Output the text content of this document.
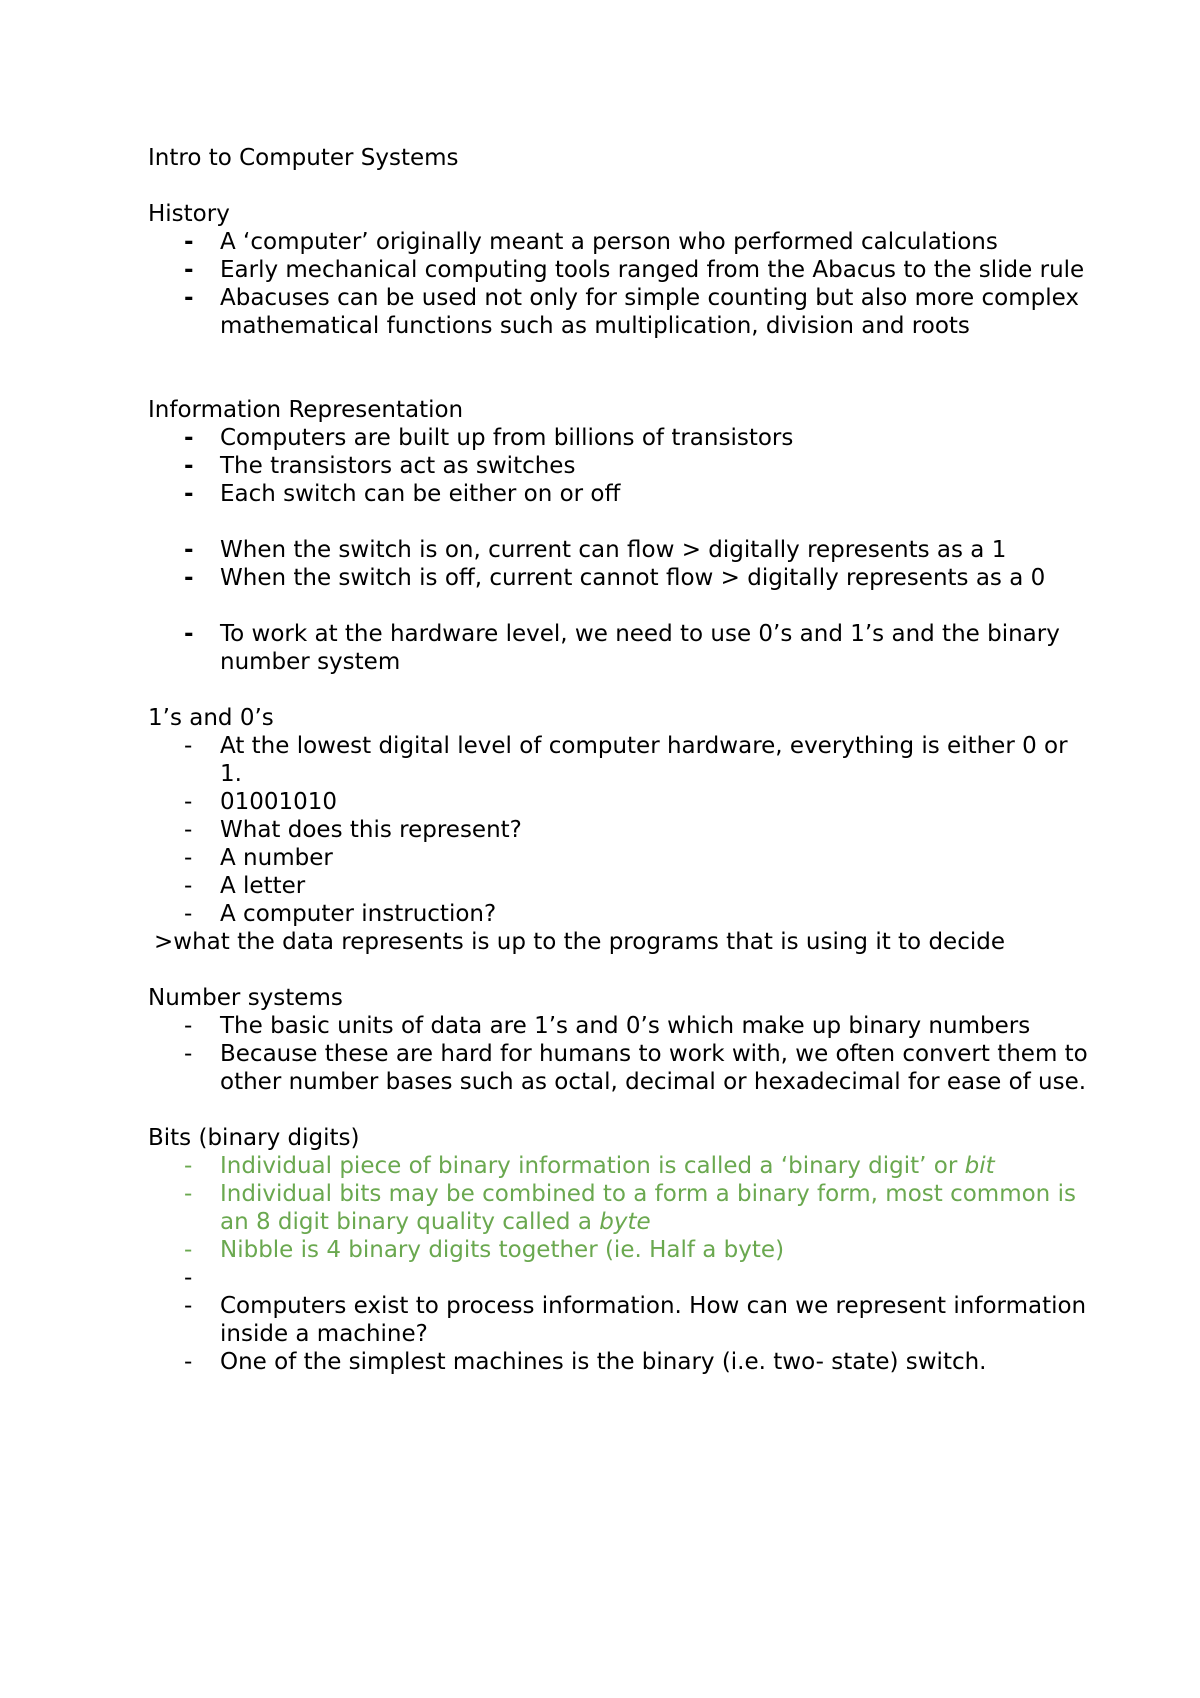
Intro to Computer Systems

History

-	A ‘computer’ originally meant a person who performed calculations
-	Early mechanical computing tools ranged from the Abacus to the slide rule
-	Abacuses can be used not only for simple counting but also more complex mathematical functions such as multiplication, division and roots

Information Representation

-	Computers are built up from billions of transistors
-	The transistors act as switches
-	Each switch can be either on or off
-	When the switch is on, current can flow > digitally represents as a 1
-	When the switch is off, current cannot flow > digitally represents as a 0
-	To work at the hardware level, we need to use 0’s and 1’s and the binary number system

1’s and 0’s

-	At the lowest digital level of computer hardware, everything is either 0 or 1.
-	01001010
-	What does this represent?
-	A number
-	A letter
-	A computer instruction?

>what the data represents is up to the programs that is using it to decide

Number systems

-	The basic units of data are 1’s and 0’s which make up binary numbers
-	Because these are hard for humans to work with, we often convert them to other number bases such as octal, decimal or hexadecimal for ease of use.

Bits (binary digits)

-	Individual piece of binary information is called a ‘binary digit’ or bit
-	Individual bits may be combined to a form a binary form, most common is an 8 digit binary quality called a byte
-	Nibble is 4 binary digits together (ie. Half a byte)
-
-	Computers exist to process information. How can we represent information inside a machine?
-	One of the simplest machines is the binary (i.e. two- state) switch.
